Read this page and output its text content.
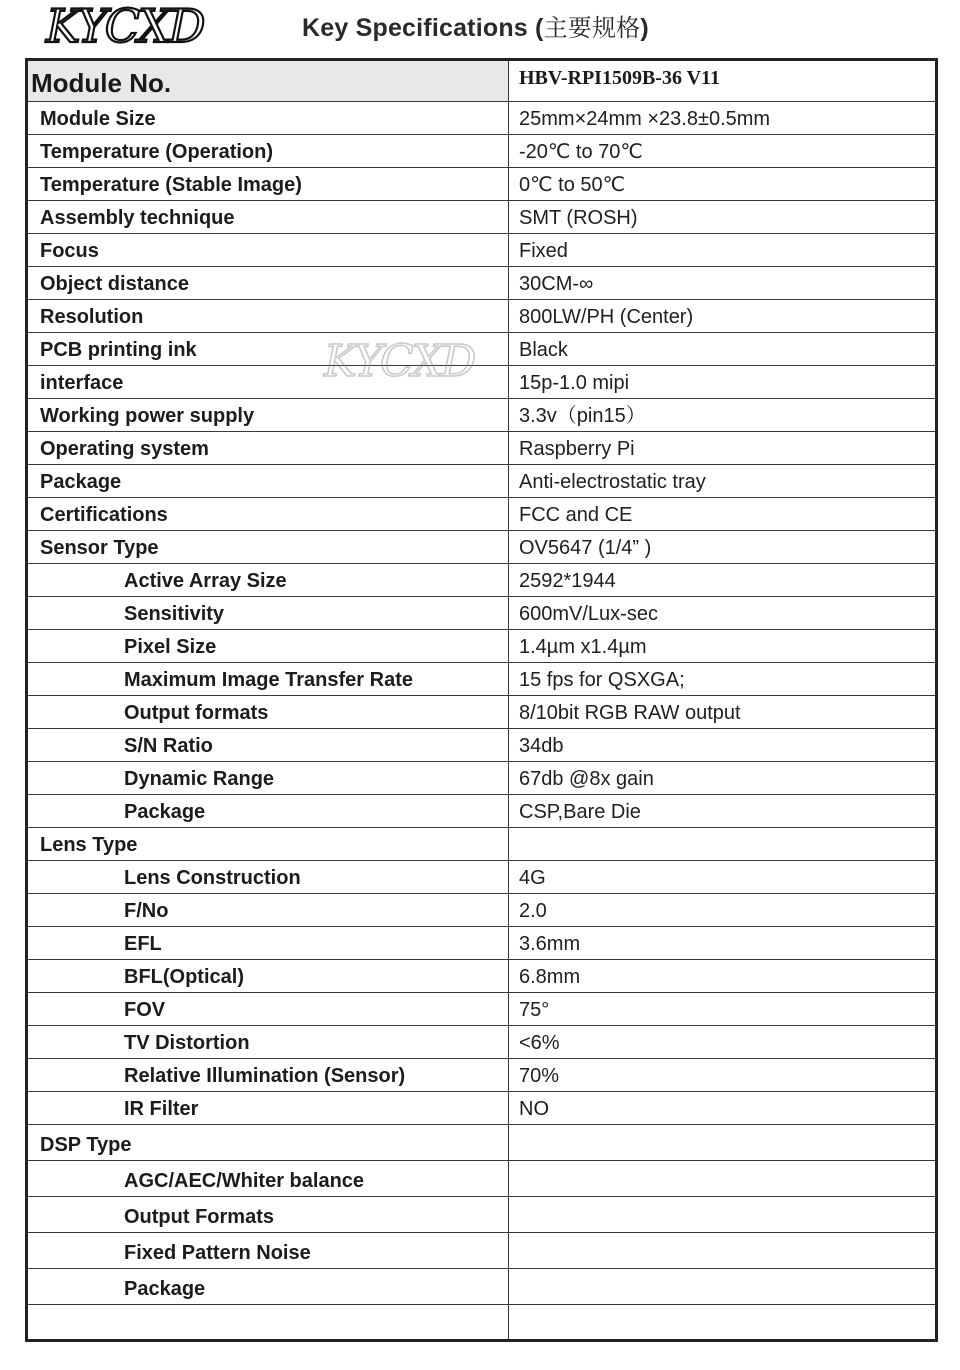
KYCXD	Key Specifications (主要规格)
Module No.	HBV-RPI1509B-36 V11
Module Size	25mm×24mm ×23.8±0.5mm
Temperature (Operation)	-20℃ to 70℃
Temperature (Stable Image)	0℃ to 50℃
Assembly technique	SMT (ROSH)
Focus	Fixed
Object distance	30CM-∞
Resolution	800LW/PH (Center)
PCB printing ink	Black
interface	15p-1.0 mipi
Working power supply	3.3v（pin15）
Operating system	Raspberry Pi
Package	Anti-electrostatic tray
Certifications	FCC and CE
Sensor Type	OV5647 (1/4” )
Active Array Size	2592*1944
Sensitivity	600mV/Lux-sec
Pixel Size	1.4µm x1.4µm
Maximum Image Transfer Rate	15 fps for QSXGA;
Output formats	8/10bit RGB RAW output
S/N Ratio	34db
Dynamic Range	67db @8x gain
Package	CSP,Bare Die
Lens Type	
Lens Construction	4G
F/No	2.0
EFL	3.6mm
BFL(Optical)	6.8mm
FOV	75°
TV Distortion	<6%
Relative Illumination (Sensor)	70%
IR Filter	NO
DSP Type	
AGC/AEC/Whiter balance	
Output Formats	
Fixed Pattern Noise	
Package	

KYCXD
